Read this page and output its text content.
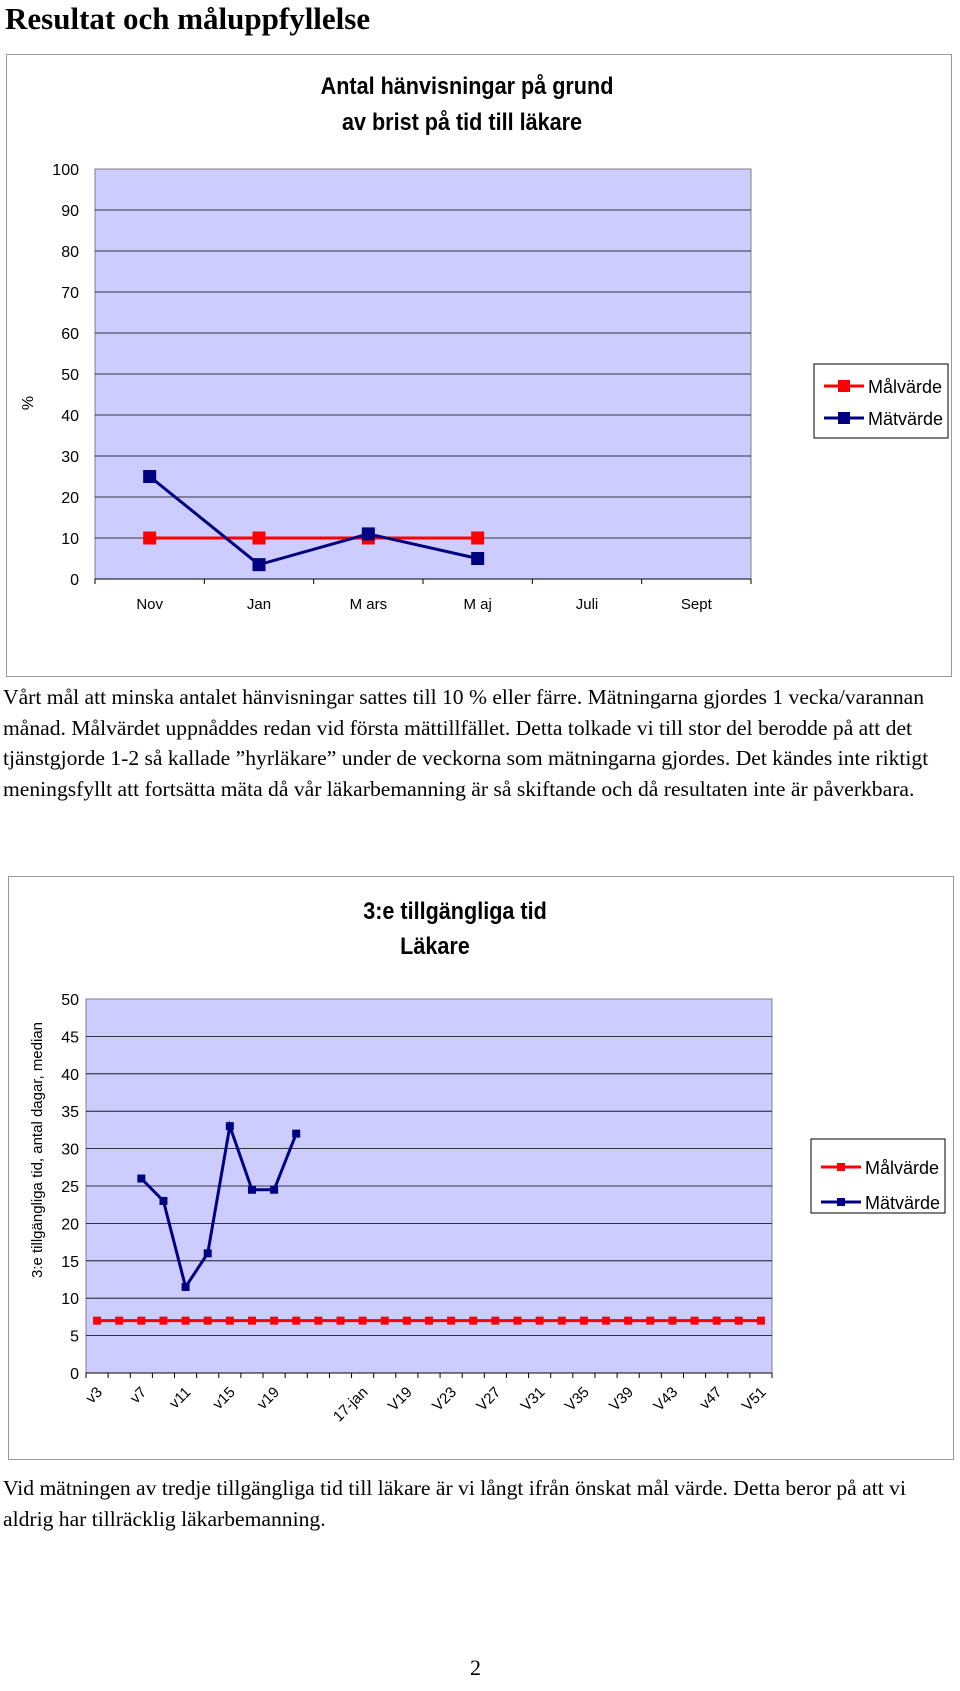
Resultat och måluppfyllelse
Antal hänvisningar på grund
av brist på tid till läkare
%
0
10
20
30
40
50
60
70
80
90
100
Nov	Jan	M ars	M aj	Juli	Sept
Målvärde
Mätvärde

Vårt mål att minska antalet hänvisningar sattes till 10 % eller färre. Mätningarna gjordes 1 vecka/varannan månad. Målvärdet uppnåddes redan vid första mättillfället. Detta tolkade vi till stor del berodde på att det tjänstgjorde 1-2 så kallade ”hyrläkare” under de veckorna som mätningarna gjordes. Det kändes inte riktigt meningsfyllt att fortsätta mäta då vår läkarbemanning är så skiftande och då resultaten inte är påverkbara.

3:e tillgängliga tid
Läkare
3:e tillgängliga tid, antal dagar, median
0
5
10
15
20
25
30
35
40
45
50
v3 v7 v11 v15 v19	17-jan V19 V23 V27 V31 V35 V39 V43 v47 V51
Målvärde
Mätvärde

Vid mätningen av tredje tillgängliga tid till läkare är vi långt ifrån önskat mål värde. Detta beror på att vi aldrig har tillräcklig läkarbemanning.

2
